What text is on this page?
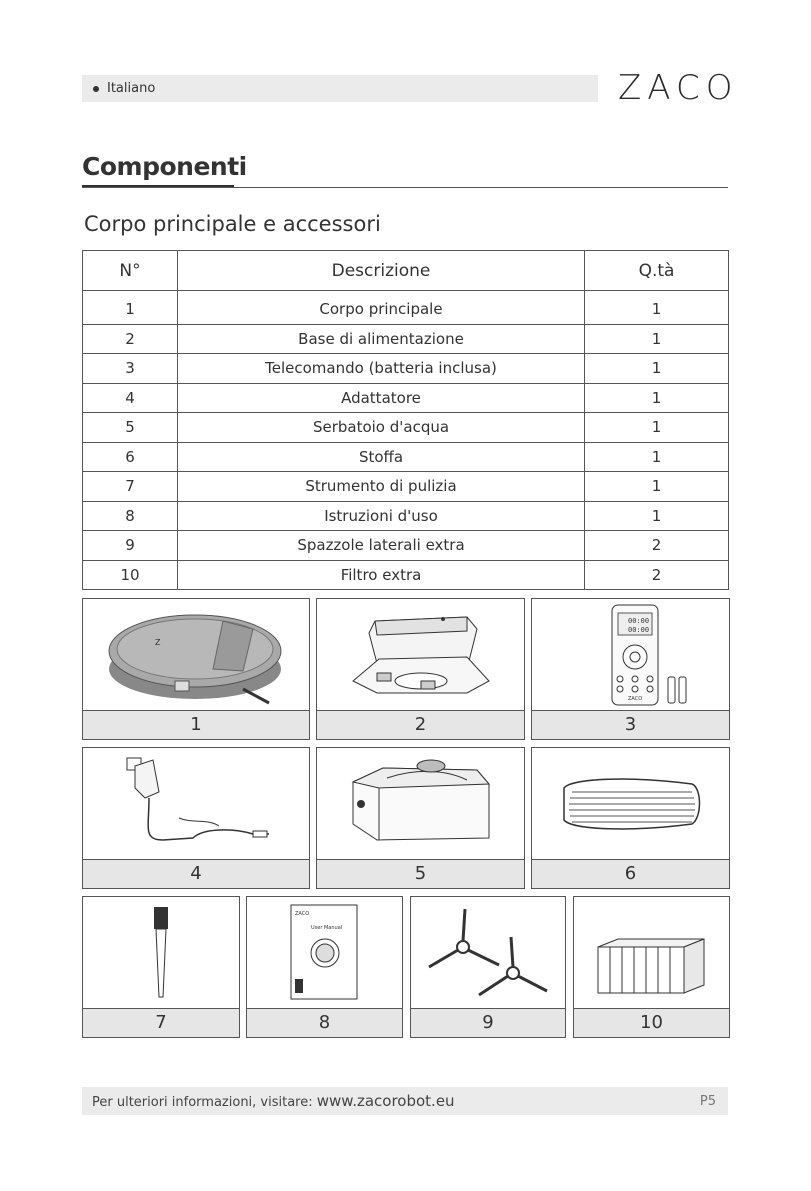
Italiano	ZACO
Componenti
Corpo principale e accessori
N°	Descrizione	Q.tà
1	Corpo principale	1
2	Base di alimentazione	1
3	Telecomando (batteria inclusa)	1
4	Adattatore	1
5	Serbatoio d'acqua	1
6	Stoffa	1
7	Strumento di pulizia	1
8	Istruzioni d'uso	1
9	Spazzole laterali extra	2
10	Filtro extra	2
Z
1	2
00:00
00:00
ZACO
3
4	5	6
7
ZACO
User Manual
8	9	10
Per ulteriori informazioni, visitare: www.zacorobot.eu	P5
